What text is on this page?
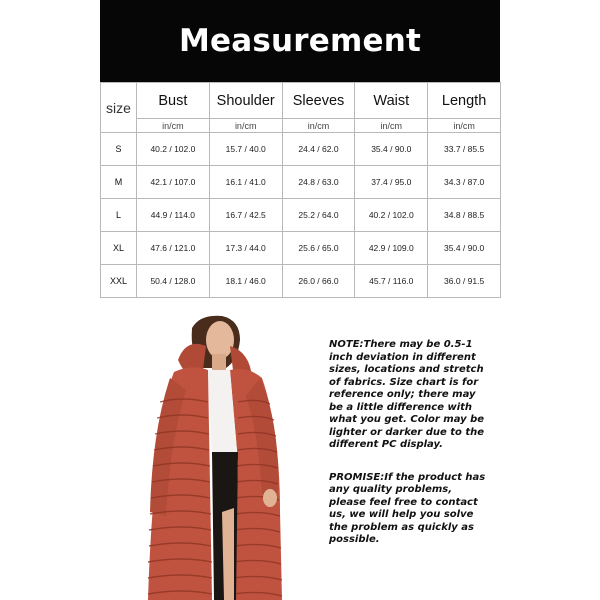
Measurement
size	Bust	Shoulder	Sleeves	Waist	Length
	in/cm	in/cm	in/cm	in/cm	in/cm
S	40.2 / 102.0	15.7 / 40.0	24.4 / 62.0	35.4 / 90.0	33.7 / 85.5
M	42.1 / 107.0	16.1 / 41.0	24.8 / 63.0	37.4 / 95.0	34.3 / 87.0
L	44.9 / 114.0	16.7 / 42.5	25.2 / 64.0	40.2 / 102.0	34.8 / 88.5
XL	47.6 / 121.0	17.3 / 44.0	25.6 / 65.0	42.9 / 109.0	35.4 / 90.0
XXL	50.4 / 128.0	18.1 / 46.0	26.0 / 66.0	45.7 / 116.0	36.0 / 91.5

NOTE:There may be 0.5-1 inch deviation in different sizes, locations and stretch of fabrics. Size chart is for reference only; there may be a little difference with what you get. Color may be lighter or darker due to the different PC display.

PROMISE:If the product has any quality problems, please feel free to contact us, we will help you solve the problem as quickly as possible.
